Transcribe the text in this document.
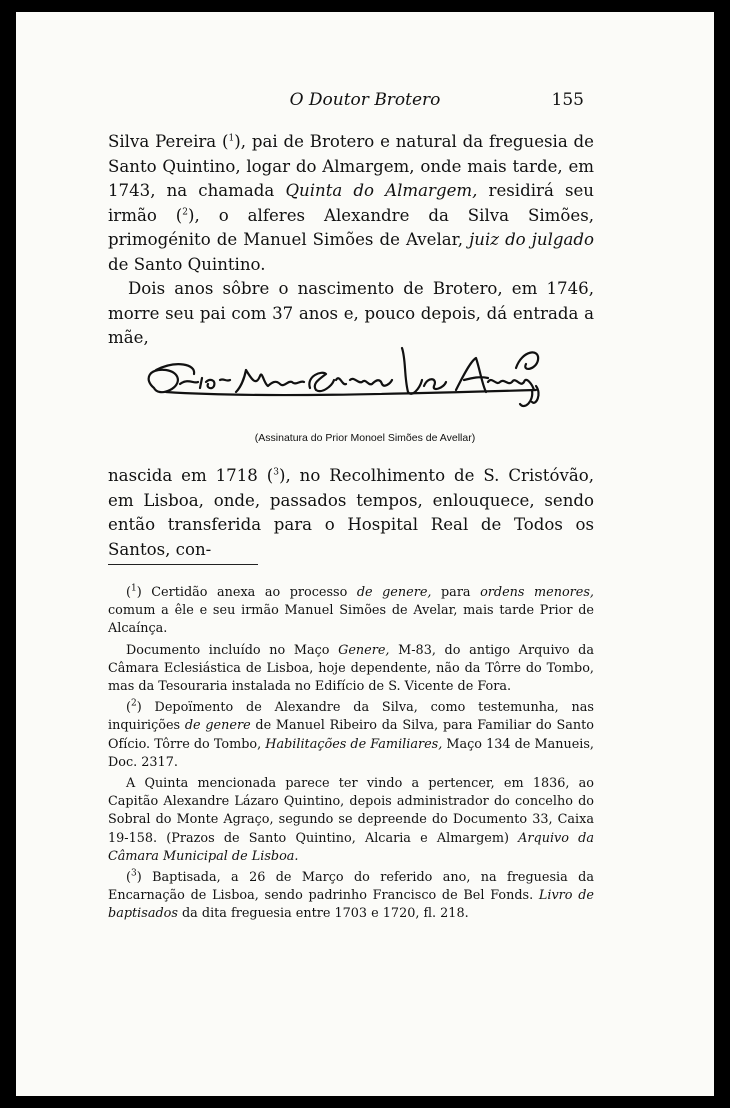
O Doutor Brotero	155

Silva Pereira ($^1$), pai de Brotero e natural da freguesia de Santo Quintino, logar do Almargem, onde mais tarde, em 1743, na chamada Quinta do Almargem, residirá seu irmão ($^2$), o alferes Alexandre da Silva Simões, primogénito de Manuel Simões de Avelar, juiz do julgado de Santo Quintino.

Dois anos sôbre o nascimento de Brotero, em 1746, morre seu pai com 37 anos e, pouco depois, dá entrada a mãe,

Prior Manoel Simoes de Avelar
(Assinatura do Prior Monoel Simões de Avellar)

nascida em 1718 ($^3$), no Recolhimento de S. Cristóvão, em Lisboa, onde, passados tempos, enlouquece, sendo então transferida para o Hospital Real de Todos os Santos, con-

($^1$) Certidão anexa ao processo de genere, para ordens menores, comum a êle e seu irmão Manuel Simões de Avelar, mais tarde Prior de Alcaínça.

Documento incluído no Maço Genere, M-83, do antigo Arquivo da Câmara Eclesiástica de Lisboa, hoje dependente, não da Tôrre do Tombo, mas da Tesouraria instalada no Edifício de S. Vicente de Fora.

($^2$) Depoïmento de Alexandre da Silva, como testemunha, nas inquirições de genere de Manuel Ribeiro da Silva, para Familiar do Santo Ofício. Tôrre do Tombo, Habilitações de Familiares, Maço 134 de Manueis, Doc. 2317.

A Quinta mencionada parece ter vindo a pertencer, em 1836, ao Capitão Alexandre Lázaro Quintino, depois administrador do concelho do Sobral do Monte Agraço, segundo se depreende do Documento 33, Caixa 19-158. (Prazos de Santo Quintino, Alcaria e Almargem) Arquivo da Câmara Municipal de Lisboa.

($^3$) Baptisada, a 26 de Março do referido ano, na freguesia da Encarnação de Lisboa, sendo padrinho Francisco de Bel Fonds. Livro de baptisados da dita freguesia entre 1703 e 1720, fl. 218.
